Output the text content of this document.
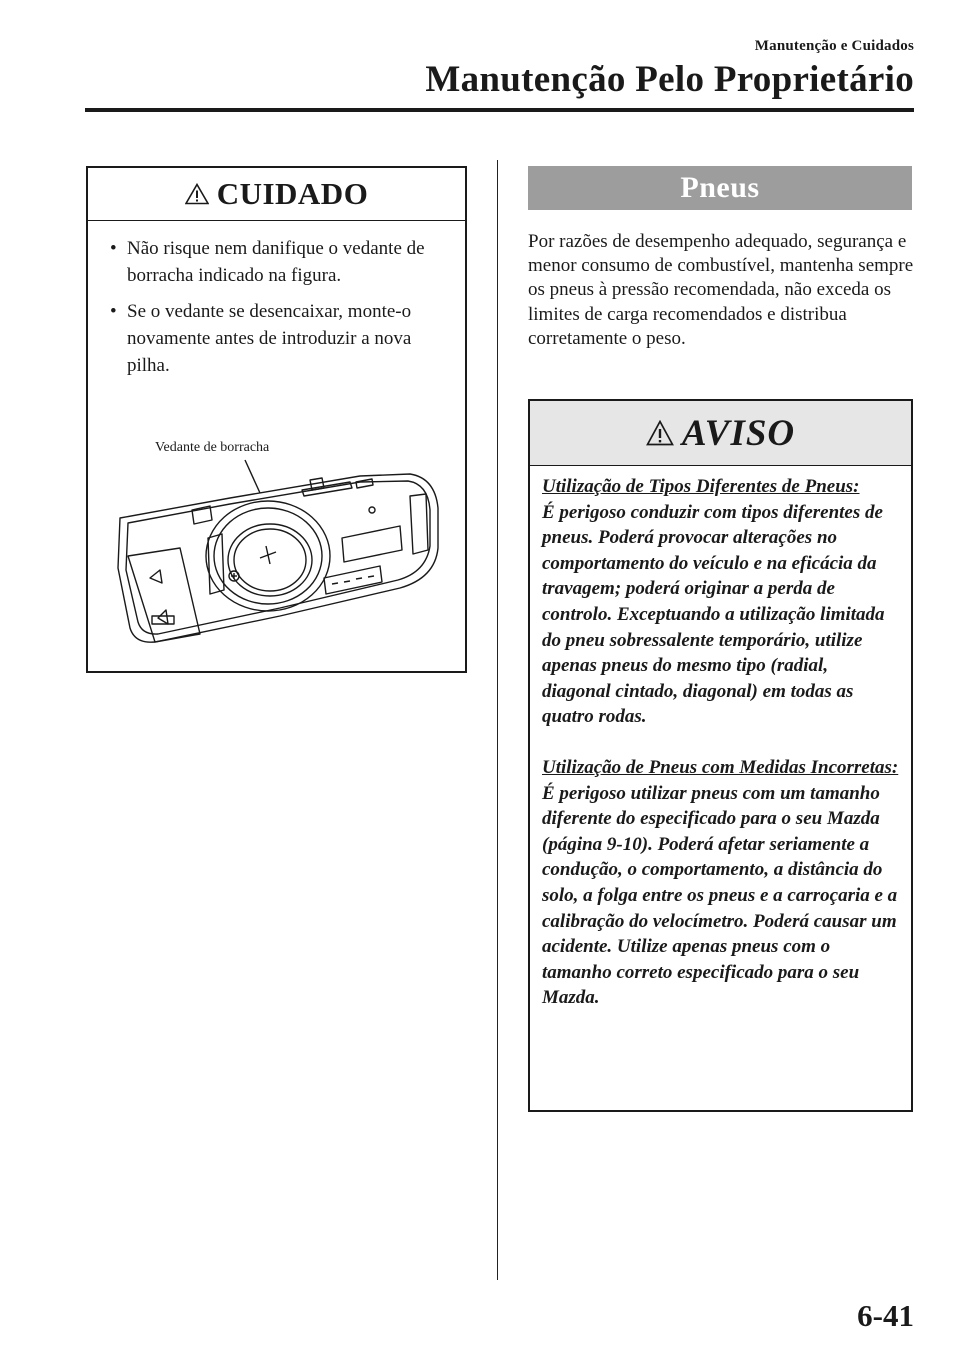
Manutenção e Cuidados
Manutenção Pelo Proprietário
CUIDADO
• Não risque nem danifique o vedante de borracha indicado na figura.
• Se o vedante se desencaixar, monte-o novamente antes de introduzir a nova pilha.
Vedante de borracha
Pneus

Por razões de desempenho adequado, segurança e menor consumo de combustível, mantenha sempre os pneus à pressão recomendada, não exceda os limites de carga recomendados e distribua corretamente o peso.

AVISO
Utilização de Tipos Diferentes de Pneus:

É perigoso conduzir com tipos diferentes de pneus. Poderá provocar alterações no comportamento do veículo e na eficácia da travagem; poderá originar a perda de controlo. Exceptuando a utilização limitada do pneu sobressalente temporário, utilize apenas pneus do mesmo tipo (radial, diagonal cintado, diagonal) em todas as quatro rodas.

Utilização de Pneus com Medidas Incorretas:

É perigoso utilizar pneus com um tamanho diferente do especificado para o seu Mazda (página 9-10). Poderá afetar seriamente a condução, o comportamento, a distância do solo, a folga entre os pneus e a carroçaria e a calibração do velocímetro. Poderá causar um acidente. Utilize apenas pneus com o tamanho correto especificado para o seu Mazda.

6-41
